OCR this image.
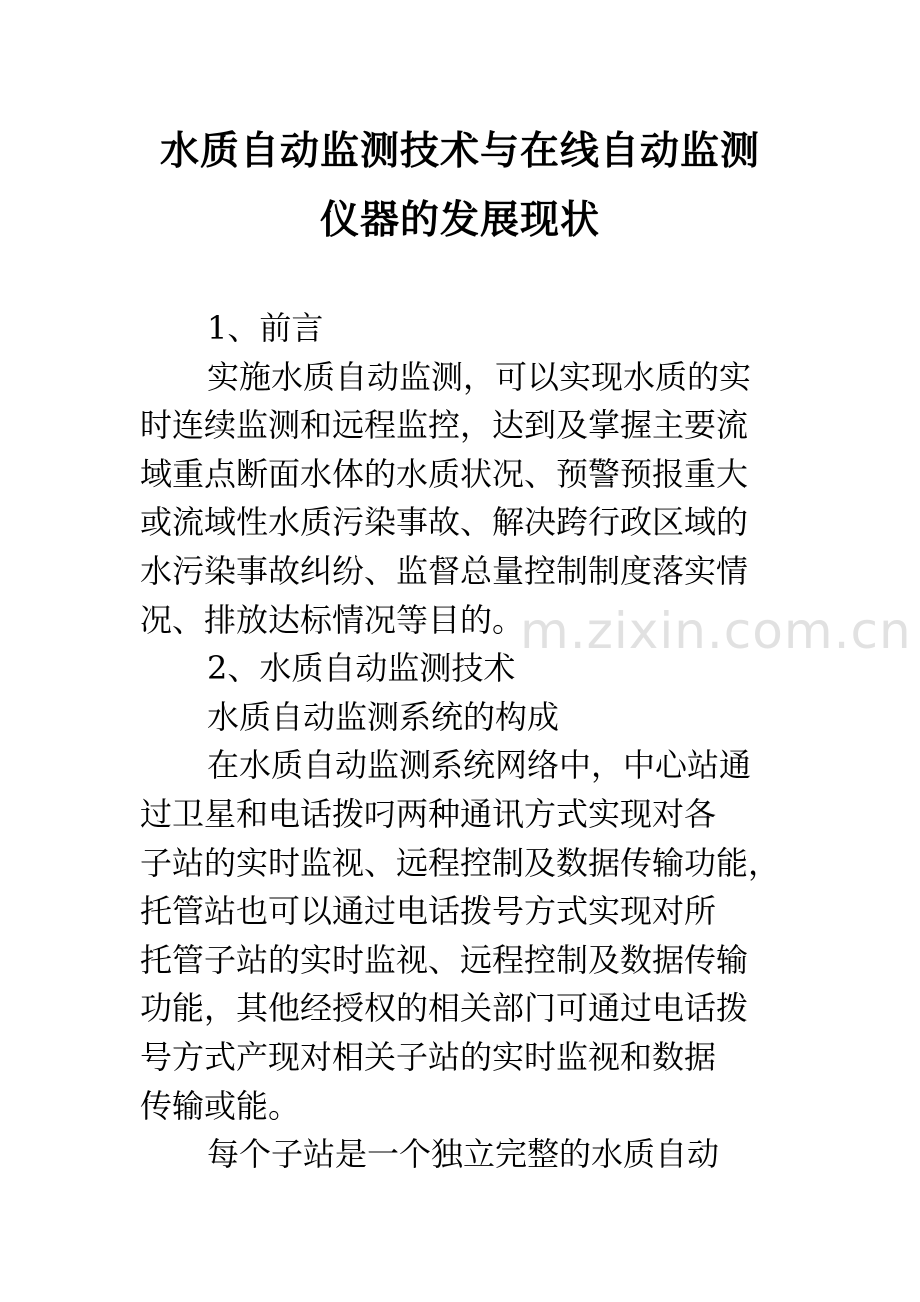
水质自动监测技术与在线自动监测
仪器的发展现状
1、前言
实施水质自动监测，可以实现水质的实
时连续监测和远程监控，达到及掌握主要流
域重点断面水体的水质状况、预警预报重大
或流域性水质污染事故、解决跨行政区域的
水污染事故纠纷、监督总量控制制度落实情
况、排放达标情况等目的。
2、水质自动监测技术
水质自动监测系统的构成
在水质自动监测系统网络中，中心站通
过卫星和电话拨叼两种通讯方式实现对各
子站的实时监视、远程控制及数据传输功能，
托管站也可以通过电话拨号方式实现对所
托管子站的实时监视、远程控制及数据传输
功能，其他经授权的相关部门可通过电话拨
号方式产现对相关子站的实时监视和数据
传输或能。
每个子站是一个独立完整的水质自动
m.zixin.com.cn
